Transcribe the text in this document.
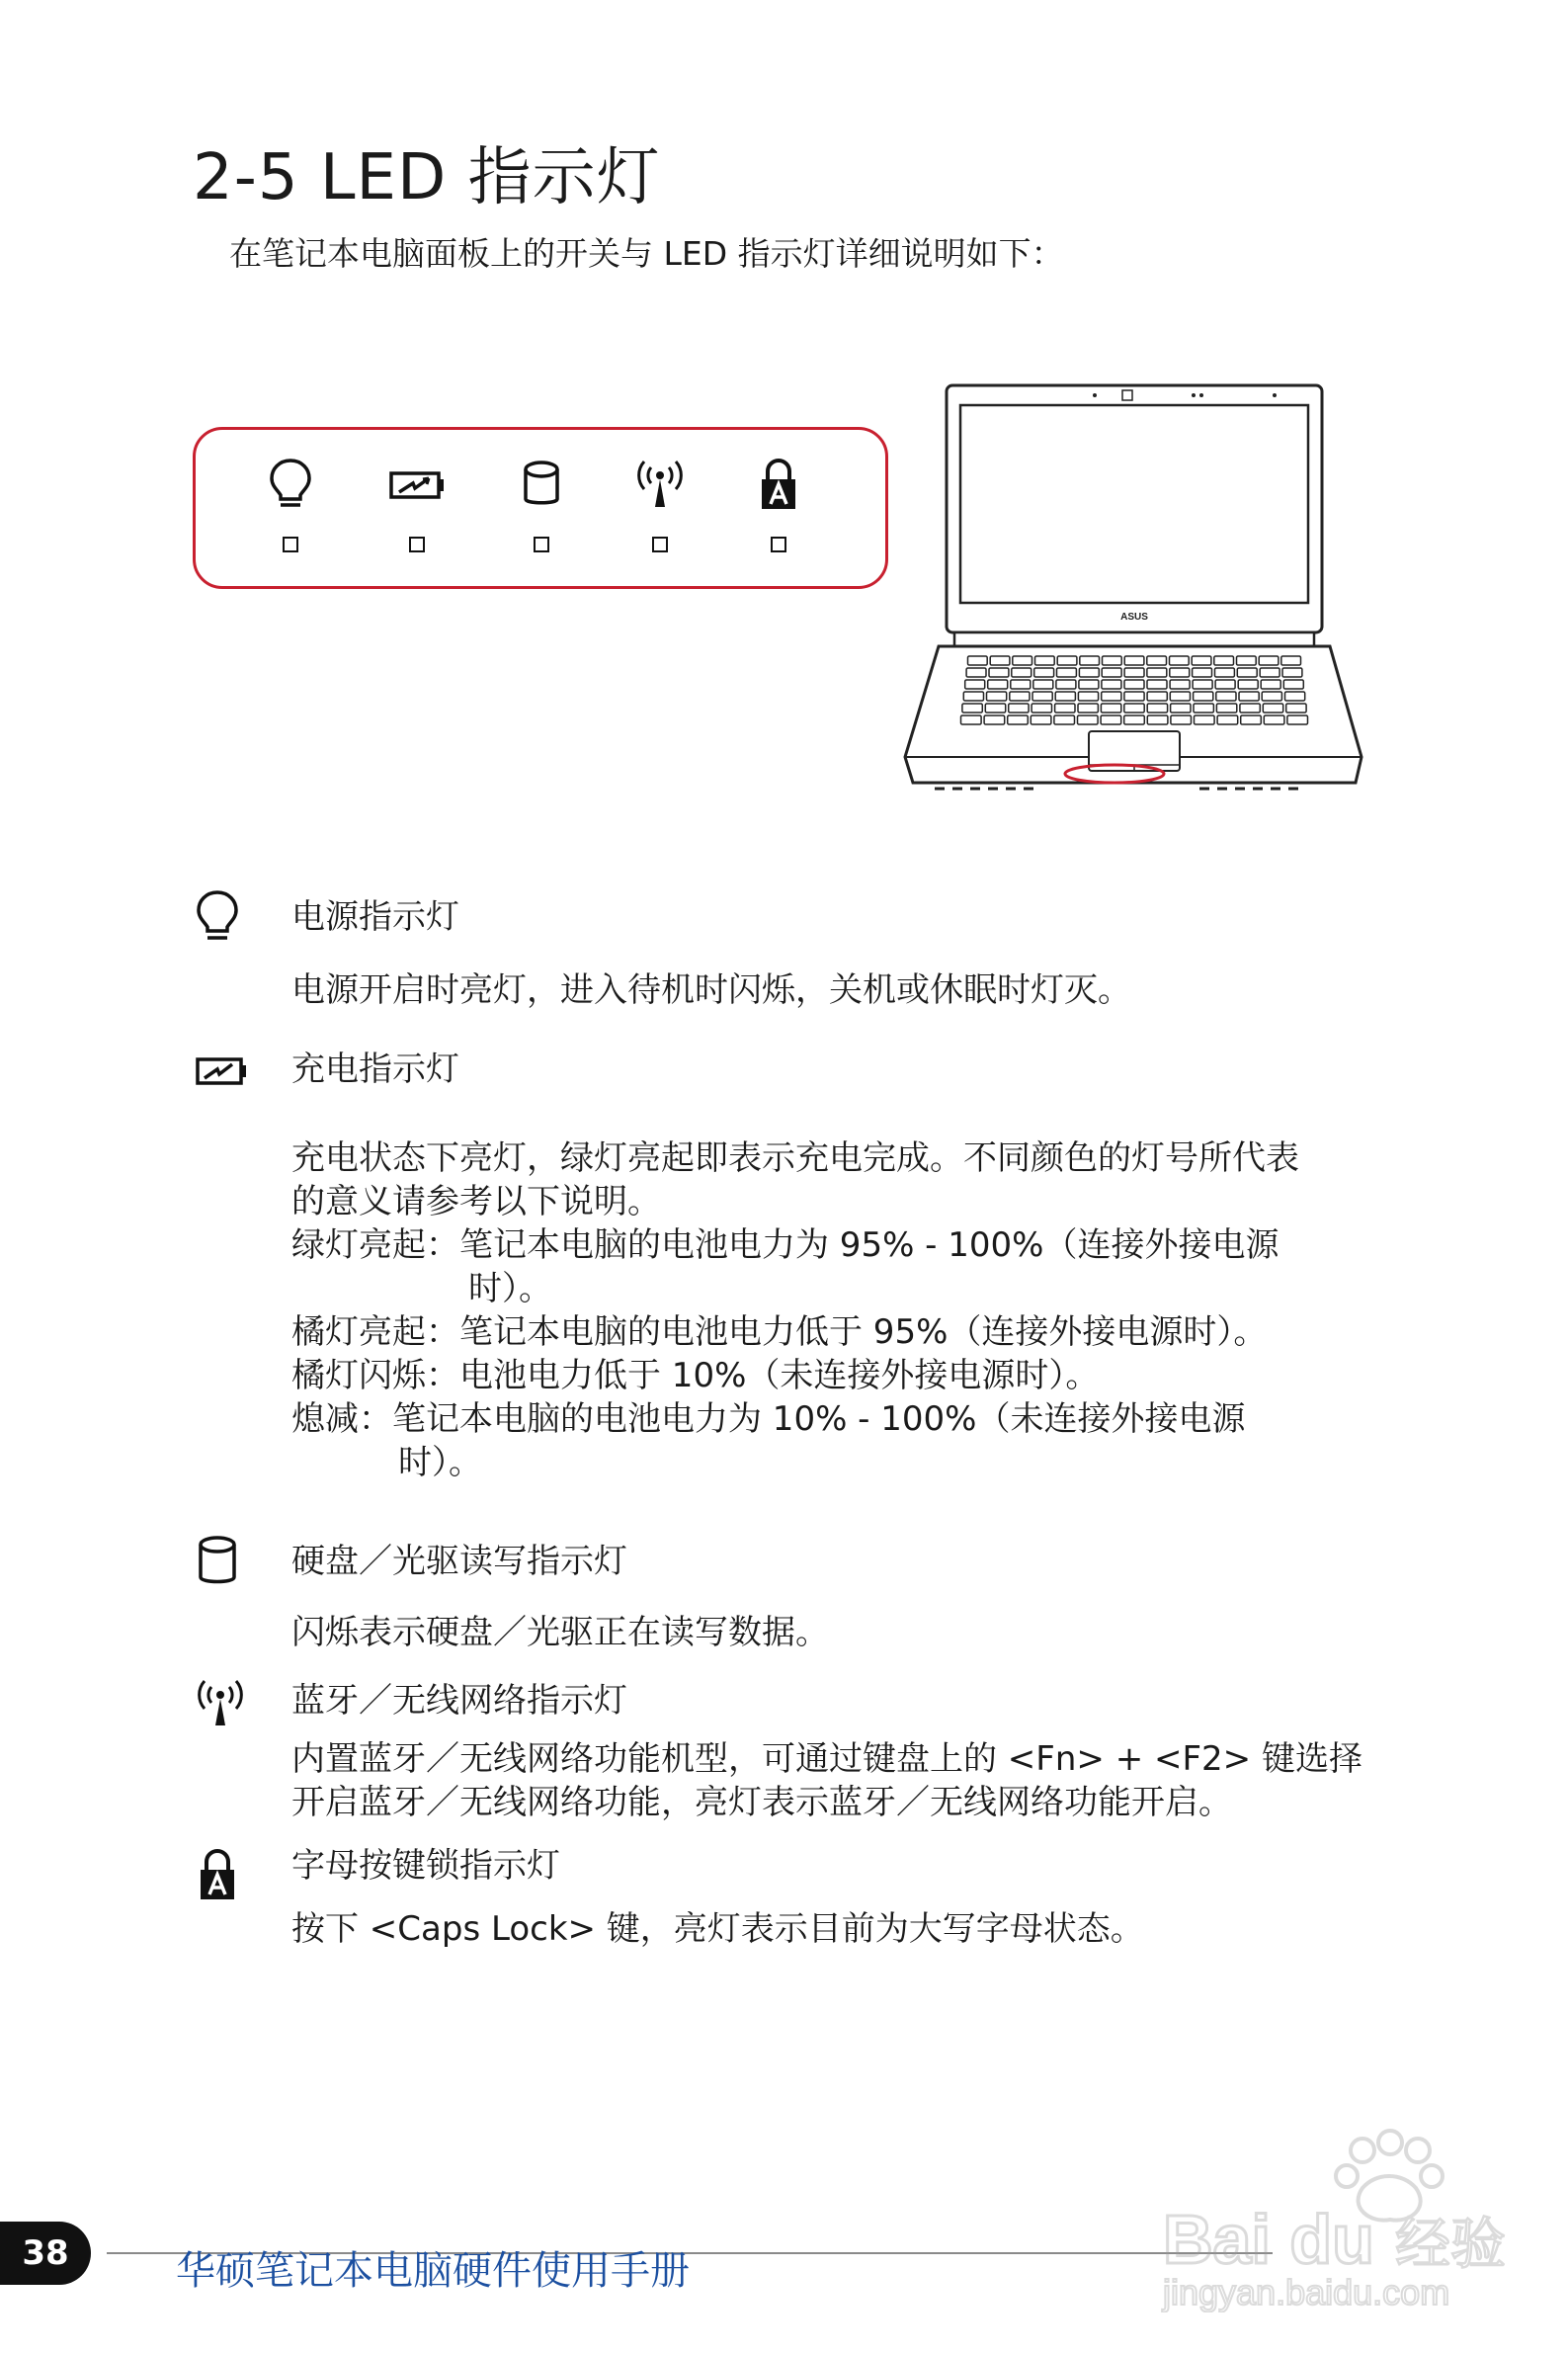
2-5 LED 指示灯
在笔记本电脑面板上的开关与 LED 指示灯详细说明如下：
ASUS
电源指示灯
电源开启时亮灯，进入待机时闪烁，关机或休眠时灯灭。
充电指示灯
充电状态下亮灯，绿灯亮起即表示充电完成。不同颜色的灯号所代表
的意义请参考以下说明。
绿灯亮起：笔记本电脑的电池电力为 95% - 100%（连接外接电源
时）。
橘灯亮起：笔记本电脑的电池电力低于 95%（连接外接电源时）。
橘灯闪烁：电池电力低于 10%（未连接外接电源时）。
熄减：笔记本电脑的电池电力为 10% - 100%（未连接外接电源
时）。
硬盘／光驱读写指示灯
闪烁表示硬盘／光驱正在读写数据。
蓝牙／无线网络指示灯
内置蓝牙／无线网络功能机型，可通过键盘上的 <Fn> + <F2> 键选择
开启蓝牙／无线网络功能，亮灯表示蓝牙／无线网络功能开启。
字母按键锁指示灯
按下 <Caps Lock> 键，亮灯表示目前为大写字母状态。
38	华硕笔记本电脑硬件使用手册	Bai du 经验
jingyan.baidu.com
